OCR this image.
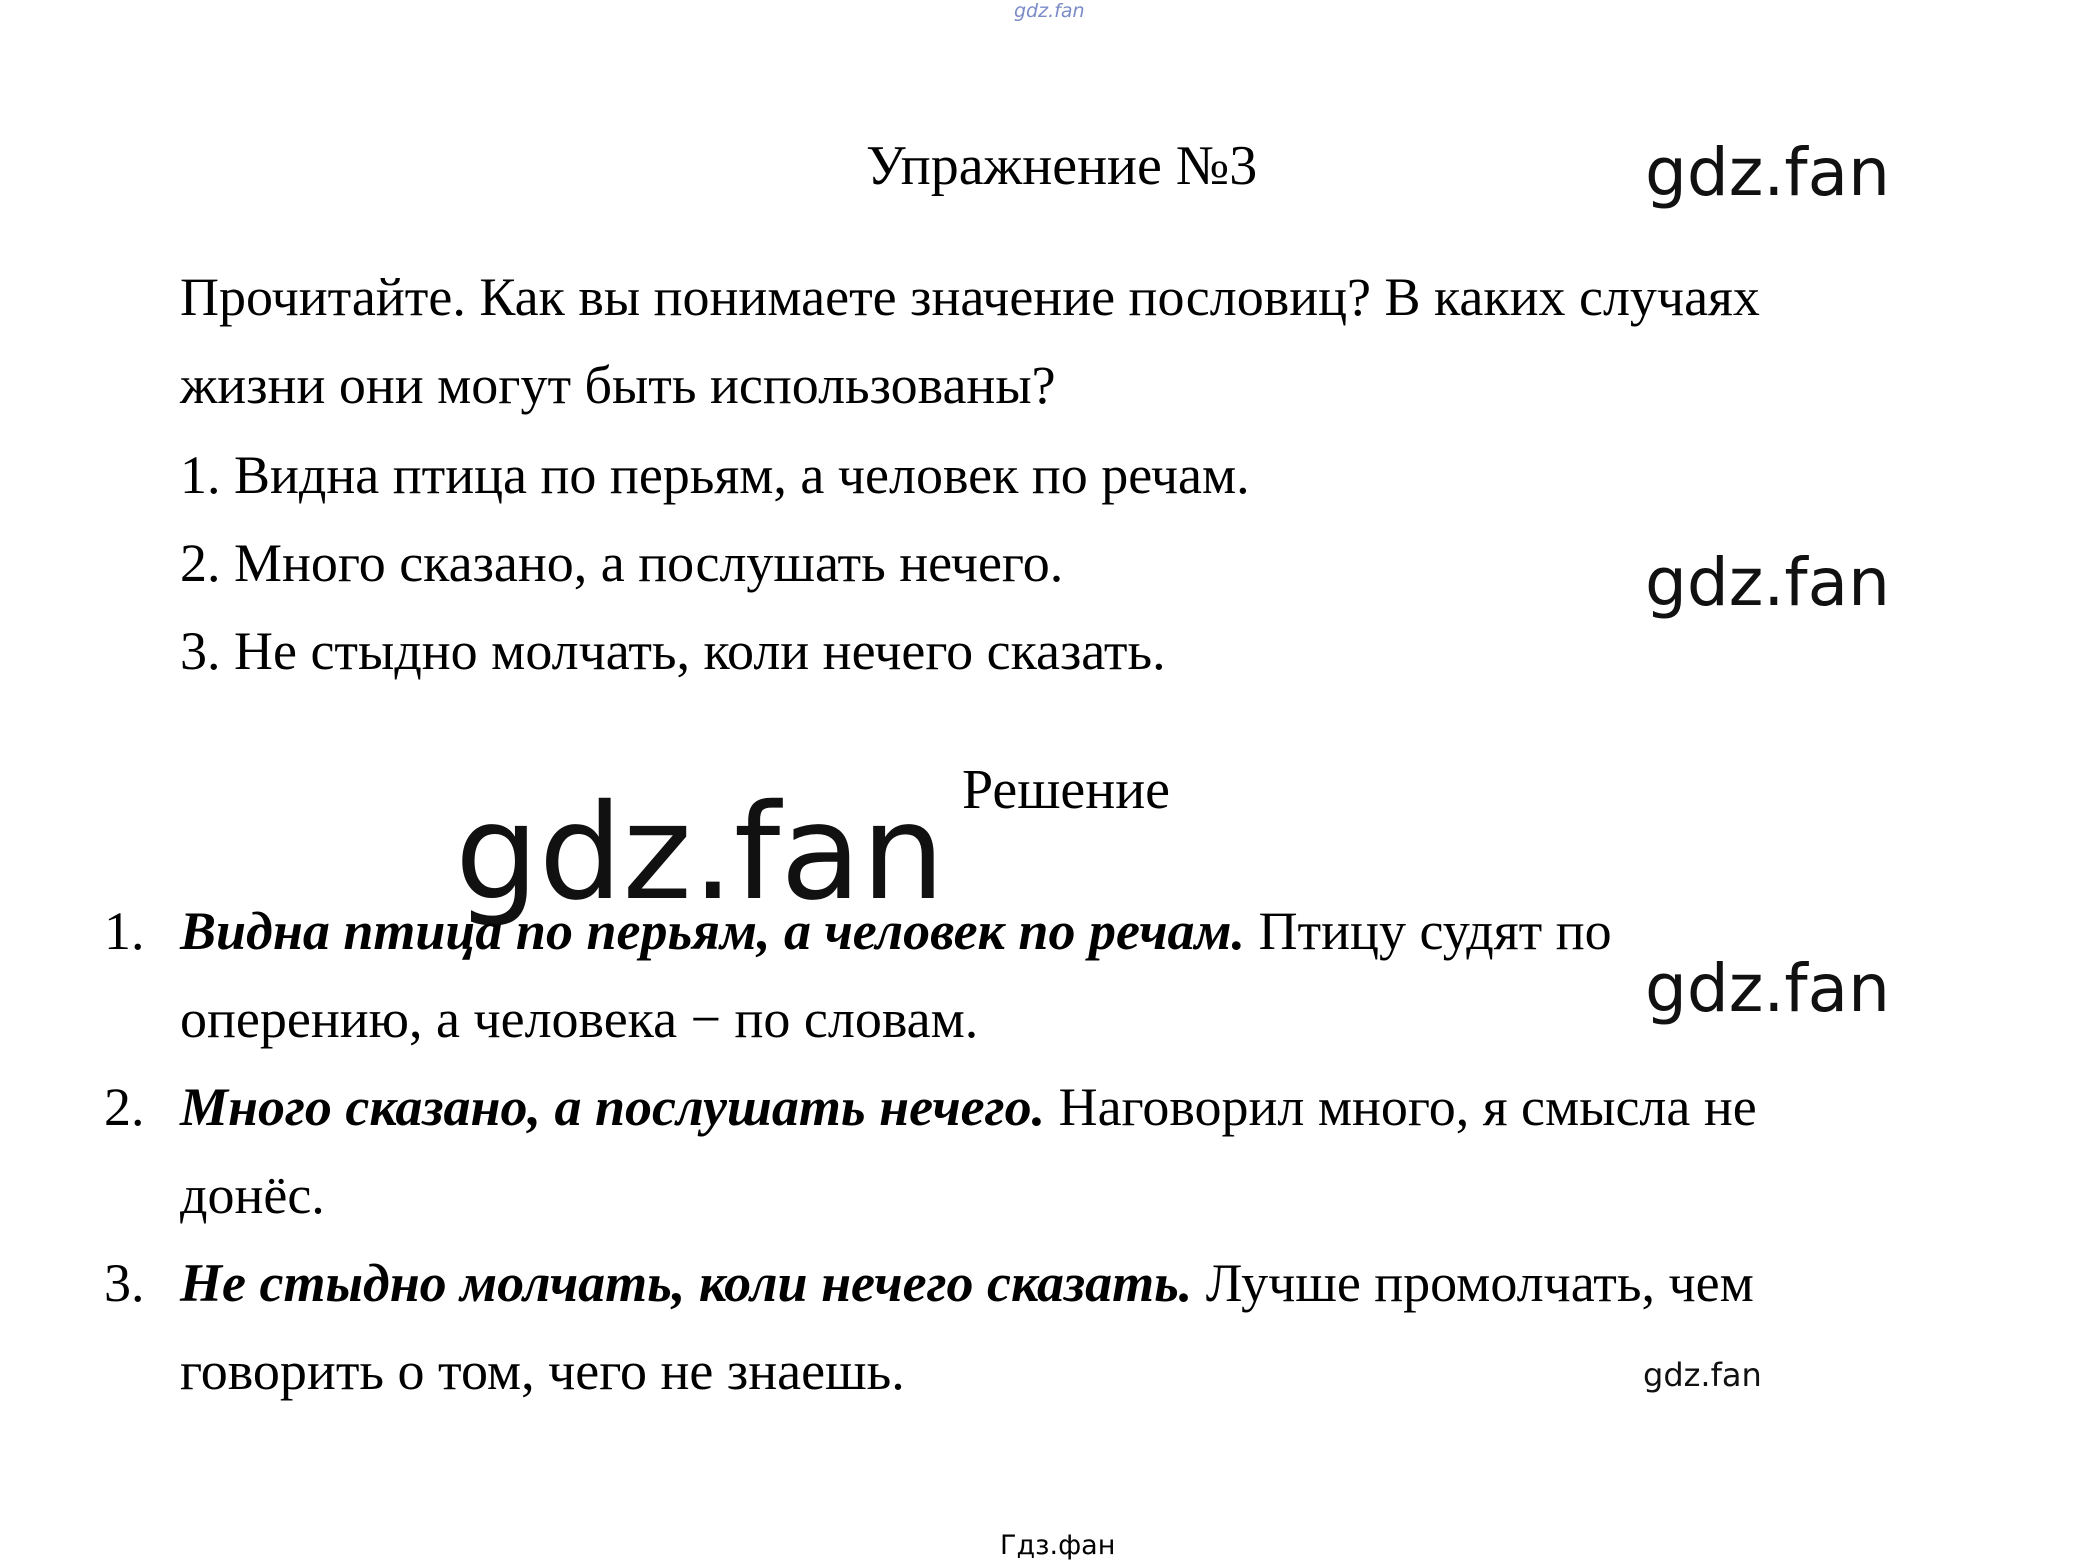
gdz.fan
Упражнение №3	gdz.fan
Прочитайте. Как вы понимаете значение пословиц? В каких случаях
жизни они могут быть использованы?
1. Видна птица по перьям, а человек по речам.
2. Много сказано, а послушать нечего.
3. Не стыдно молчать, коли нечего сказать.
gdz.fan
Решение
gdz.fan
1. Видна птица по перьям, а человек по речам. Птицу судят по
оперению, а человека − по словам.	gdz.fan
2. Много сказано, а послушать нечего. Наговорил много, я смысла не
донёс.
3. Не стыдно молчать, коли нечего сказать. Лучше промолчать, чем
говорить о том, чего не знаешь.	gdz.fan
Гдз.фан
